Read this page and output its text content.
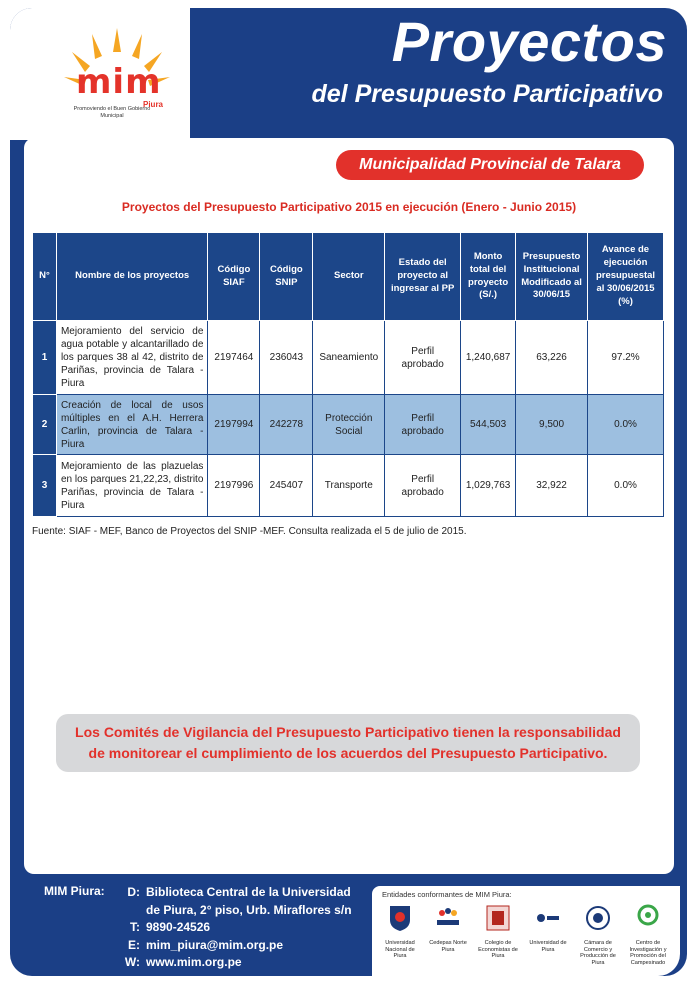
mim
Piura
Promoviendo el Buen Gobierno Municipal
Proyectos
del Presupuesto Participativo
Municipalidad Provincial de Talara
Proyectos del Presupuesto Participativo 2015 en ejecución (Enero - Junio 2015)
N°	Nombre de los proyectos	Código SIAF	Código SNIP	Sector	Estado del proyecto al ingresar al PP	Monto total del proyecto (S/.)	Presupuesto Institucional Modificado al 30/06/15	Avance de ejecución presupuestal al 30/06/2015 (%)
1	Mejoramiento del servicio de agua potable y alcantarillado de los parques 38 al 42, distrito de Pariñas, provincia de Talara - Piura	2197464	236043	Saneamiento	Perfil aprobado	1,240,687	63,226	97.2%
2	Creación de local de usos múltiples en el A.H. Herrera Carlin, provincia de Talara - Piura	2197994	242278	Protección Social	Perfil aprobado	544,503	9,500	0.0%
3	Mejoramiento de las plazuelas en los parques 21,22,23, distrito Pariñas, provincia de Talara - Piura	2197996	245407	Transporte	Perfil aprobado	1,029,763	32,922	0.0%
Fuente: SIAF - MEF, Banco de Proyectos del SNIP -MEF. Consulta realizada el 5 de julio de 2015.
Los Comités de Vigilancia del Presupuesto Participativo tienen la responsabilidad
de monitorear el cumplimiento de los acuerdos del Presupuesto Participativo.
MIM Piura:	D: Biblioteca Central de la Universidad
de Piura, 2° piso, Urb. Miraflores s/n
T: 9890-24526
E: mim_piura@mim.org.pe
W: www.mim.org.pe
Entidades conformantes de MIM Piura:
Universidad Nacional de Piura
Cedepas Norte Piura
Colegio de Economistas de Piura
Universidad de Piura
Cámara de Comercio y Producción de Piura
Centro de Investigación y Promoción del Campesinado
